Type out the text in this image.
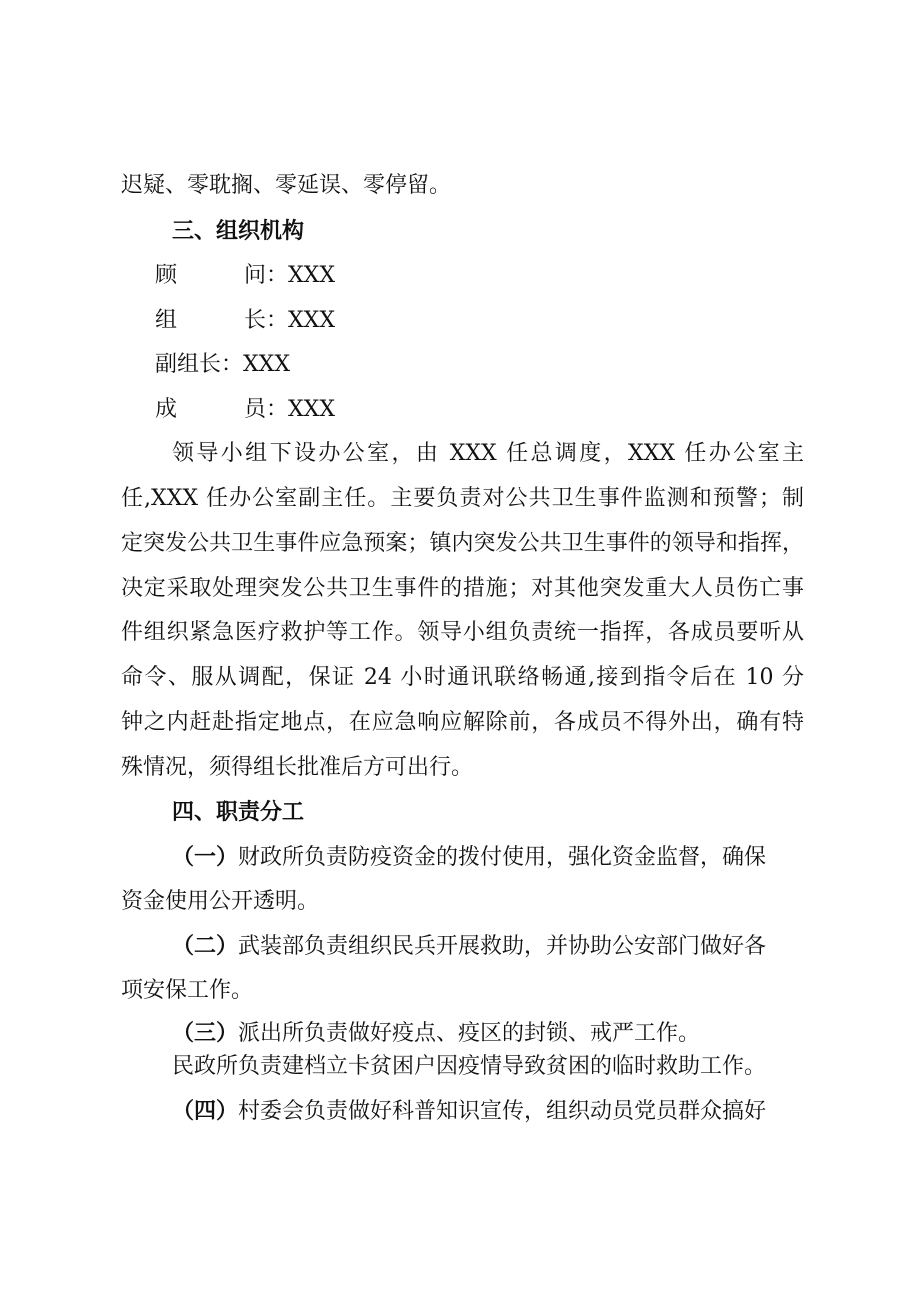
迟疑、零耽搁、零延误、零停留。
三、组织机构
顾	问：XXX
组	长：XXX
副组长：XXX
成	员：XXX
领导小组下设办公室，由 XXX 任总调度，XXX 任办公室主
任,XXX 任办公室副主任。主要负责对公共卫生事件监测和预警；制
定突发公共卫生事件应急预案；镇内突发公共卫生事件的领导和指挥，
决定采取处理突发公共卫生事件的措施；对其他突发重大人员伤亡事
件组织紧急医疗救护等工作。领导小组负责统一指挥，各成员要听从
命令、服从调配，保证 24 小时通讯联络畅通,接到指令后在 10 分
钟之内赶赴指定地点，在应急响应解除前，各成员不得外出，确有特
殊情况，须得组长批准后方可出行。
四、职责分工
（一）财政所负责防疫资金的拨付使用，强化资金监督，确保
资金使用公开透明。
（二）武装部负责组织民兵开展救助，并协助公安部门做好各
项安保工作。
（三）派出所负责做好疫点、疫区的封锁、戒严工作。
民政所负责建档立卡贫困户因疫情导致贫困的临时救助工作。
（四）村委会负责做好科普知识宣传，组织动员党员群众搞好
